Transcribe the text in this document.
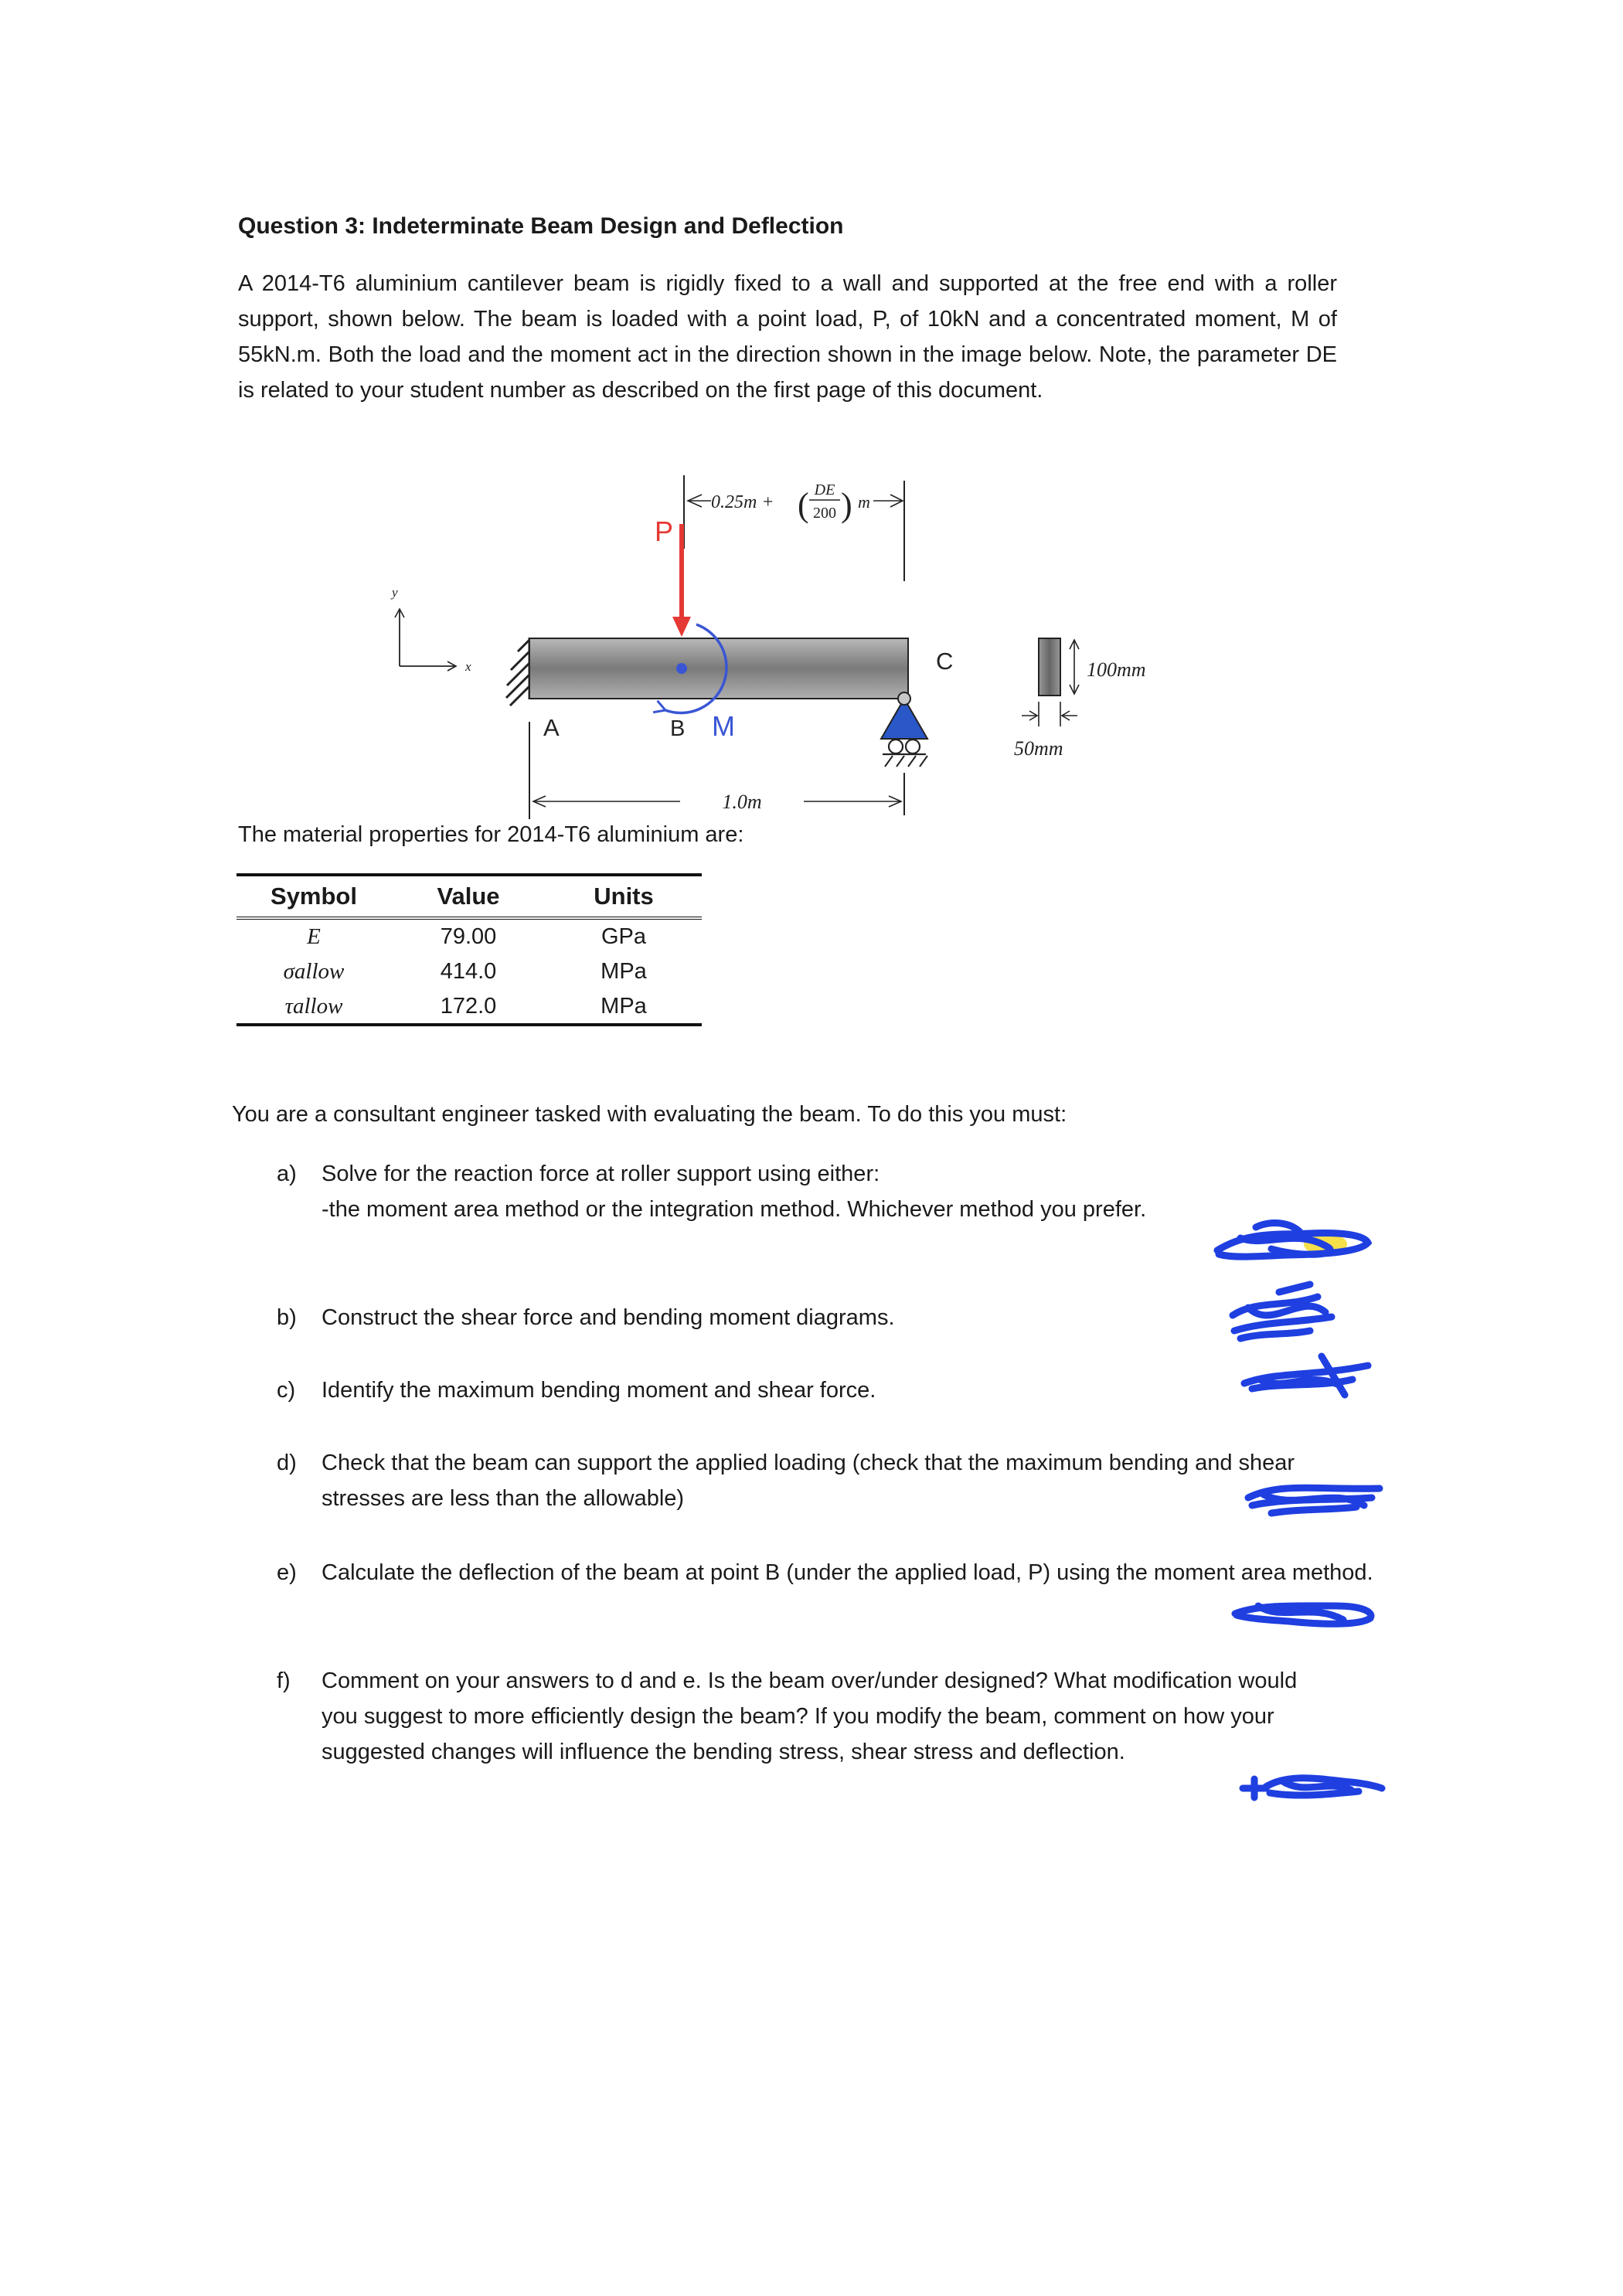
Question 3: Indeterminate Beam Design and Deflection
A 2014-T6 aluminium cantilever beam is rigidly fixed to a wall and supported at the free end with a roller support, shown below. The beam is loaded with a point load, P, of 10kN and a concentrated moment, M of 55kN.m. Both the load and the moment act in the direction shown in the image below. Note, the parameter DE is related to your student number as described on the first page of this document.
y
x
0.25m + ( DE
200 ) m
P
A	B M
C
1.0m
100mm
50mm
The material properties for 2014-T6 aluminium are:
Symbol	Value	Units
E	79.00	GPa
σallow	414.0	MPa
τallow	172.0	MPa
You are a consultant engineer tasked with evaluating the beam. To do this you must:
a)	Solve for the reaction force at roller support using either:
-the moment area method or the integration method. Whichever method you prefer.
b)	Construct the shear force and bending moment diagrams.
c)	Identify the maximum bending moment and shear force.
d)	Check that the beam can support the applied loading (check that the maximum bending and shear stresses are less than the allowable)
e)	Calculate the deflection of the beam at point B (under the applied load, P) using the moment area method.
f)	Comment on your answers to d and e. Is the beam over/under designed? What modification would you suggest to more efficiently design the beam? If you modify the beam, comment on how your suggested changes will influence the bending stress, shear stress and deflection.
